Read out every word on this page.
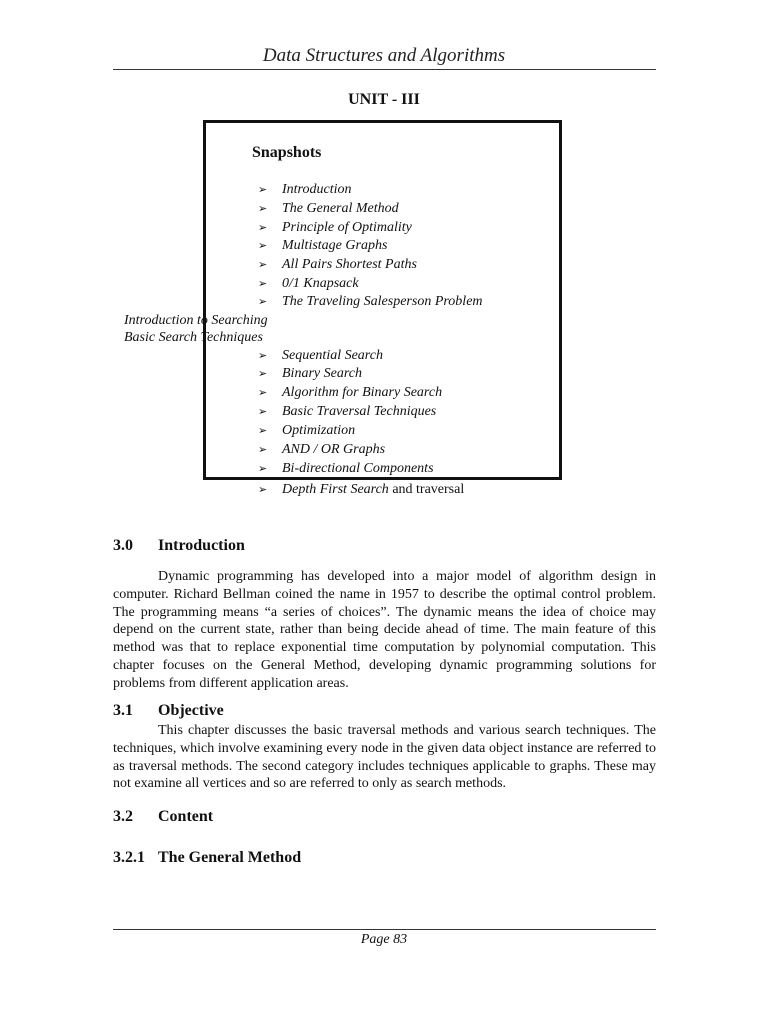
Data Structures and Algorithms
UNIT - III
Snapshots
➢ Introduction
➢ The General Method
➢ Principle of Optimality
➢ Multistage Graphs
➢ All Pairs Shortest Paths
➢ 0/1 Knapsack
➢ The Traveling Salesperson Problem
➢ Sequential Search
➢ Binary Search
➢ Algorithm for Binary Search
➢ Basic Traversal Techniques
➢ Optimization
➢ AND / OR Graphs
➢ Bi-directional Components
➢ Depth First Search and traversal
Introduction to Searching
Basic Search Techniques
3.0 Introduction
Dynamic programming has developed into a major model of algorithm design in computer. Richard Bellman coined the name in 1957 to describe the optimal control problem. The programming means “a series of choices”. The dynamic means the idea of choice may depend on the current state, rather than being decide ahead of time. The main feature of this method was that to replace exponential time computation by polynomial computation. This chapter focuses on the General Method, developing dynamic programming solutions for problems from different application areas.
3.1 Objective
This chapter discusses the basic traversal methods and various search techniques. The techniques, which involve examining every node in the given data object instance are referred to as traversal methods. The second category includes techniques applicable to graphs. These may not examine all vertices and so are referred to only as search methods.
3.2 Content
3.2.1 The General Method
Page 83
